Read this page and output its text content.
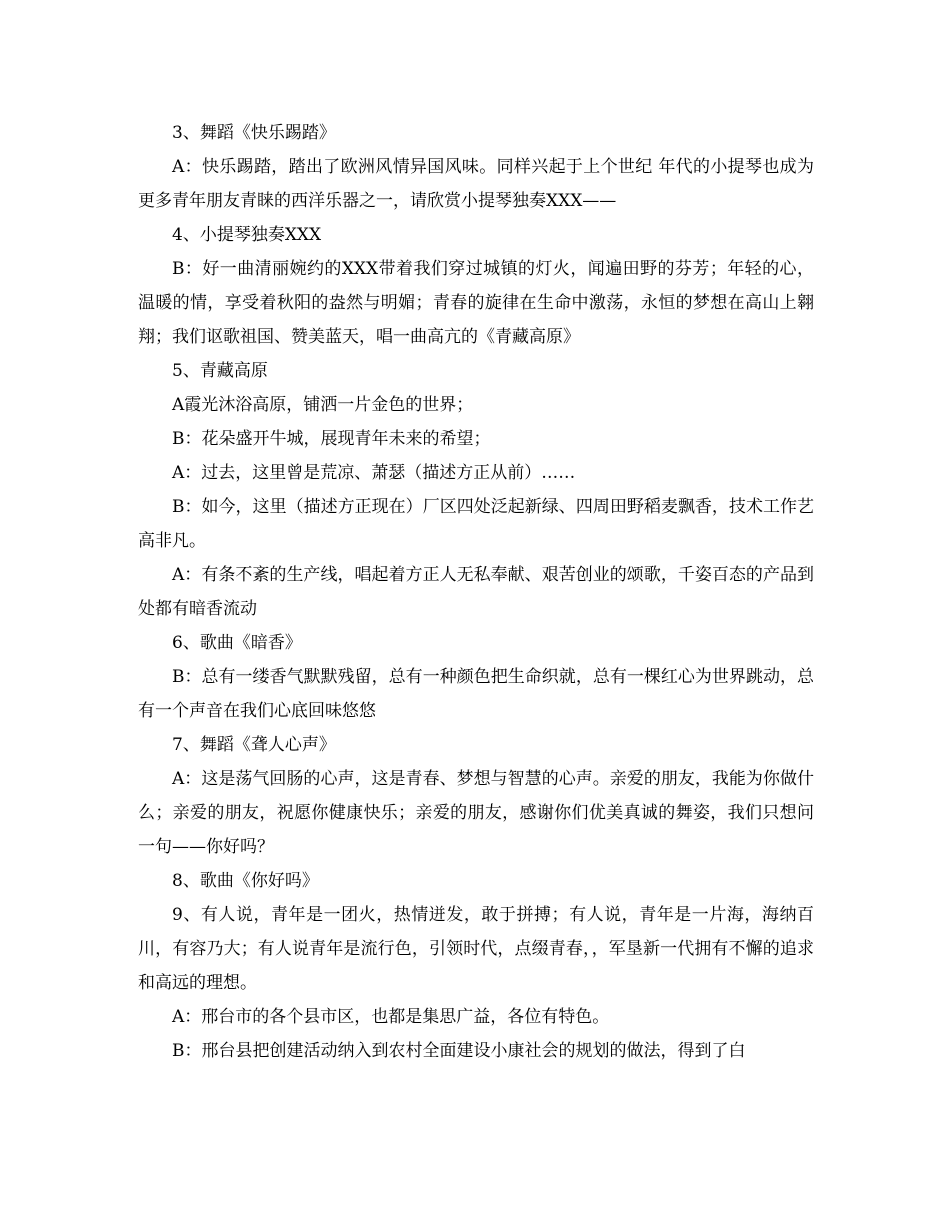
3、舞蹈《快乐踢踏》

A：快乐踢踏，踏出了欧洲风情异国风味。同样兴起于上个世纪 年代的小提琴也成为更多青年朋友青睐的西洋乐器之一，请欣赏小提琴独奏XXX——

4、小提琴独奏XXX

B：好一曲清丽婉约的XXX带着我们穿过城镇的灯火，闻遍田野的芬芳；年轻的心，温暖的情，享受着秋阳的盎然与明媚；青春的旋律在生命中激荡，永恒的梦想在高山上翱翔；我们讴歌祖国、赞美蓝天，唱一曲高亢的《青藏高原》

5、青藏高原

A霞光沐浴高原，铺洒一片金色的世界；

B：花朵盛开牛城，展现青年未来的希望；

A：过去，这里曾是荒凉、萧瑟（描述方正从前）……

B：如今，这里（描述方正现在）厂区四处泛起新绿、四周田野稻麦飘香，技术工作艺高非凡。

A：有条不紊的生产线，唱起着方正人无私奉献、艰苦创业的颂歌，千姿百态的产品到处都有暗香流动

6、歌曲《暗香》

B：总有一缕香气默默残留，总有一种颜色把生命织就，总有一棵红心为世界跳动，总有一个声音在我们心底回味悠悠

7、舞蹈《聋人心声》

A：这是荡气回肠的心声，这是青春、梦想与智慧的心声。亲爱的朋友，我能为你做什么；亲爱的朋友，祝愿你健康快乐；亲爱的朋友，感谢你们优美真诚的舞姿，我们只想问一句——你好吗？

8、歌曲《你好吗》

9、有人说，青年是一团火，热情迸发，敢于拼搏；有人说，青年是一片海，海纳百川，有容乃大；有人说青年是流行色，引领时代，点缀青春，，军垦新一代拥有不懈的追求和高远的理想。

A：邢台市的各个县市区，也都是集思广益，各位有特色。

B：邢台县把创建活动纳入到农村全面建设小康社会的规划的做法，得到了白
